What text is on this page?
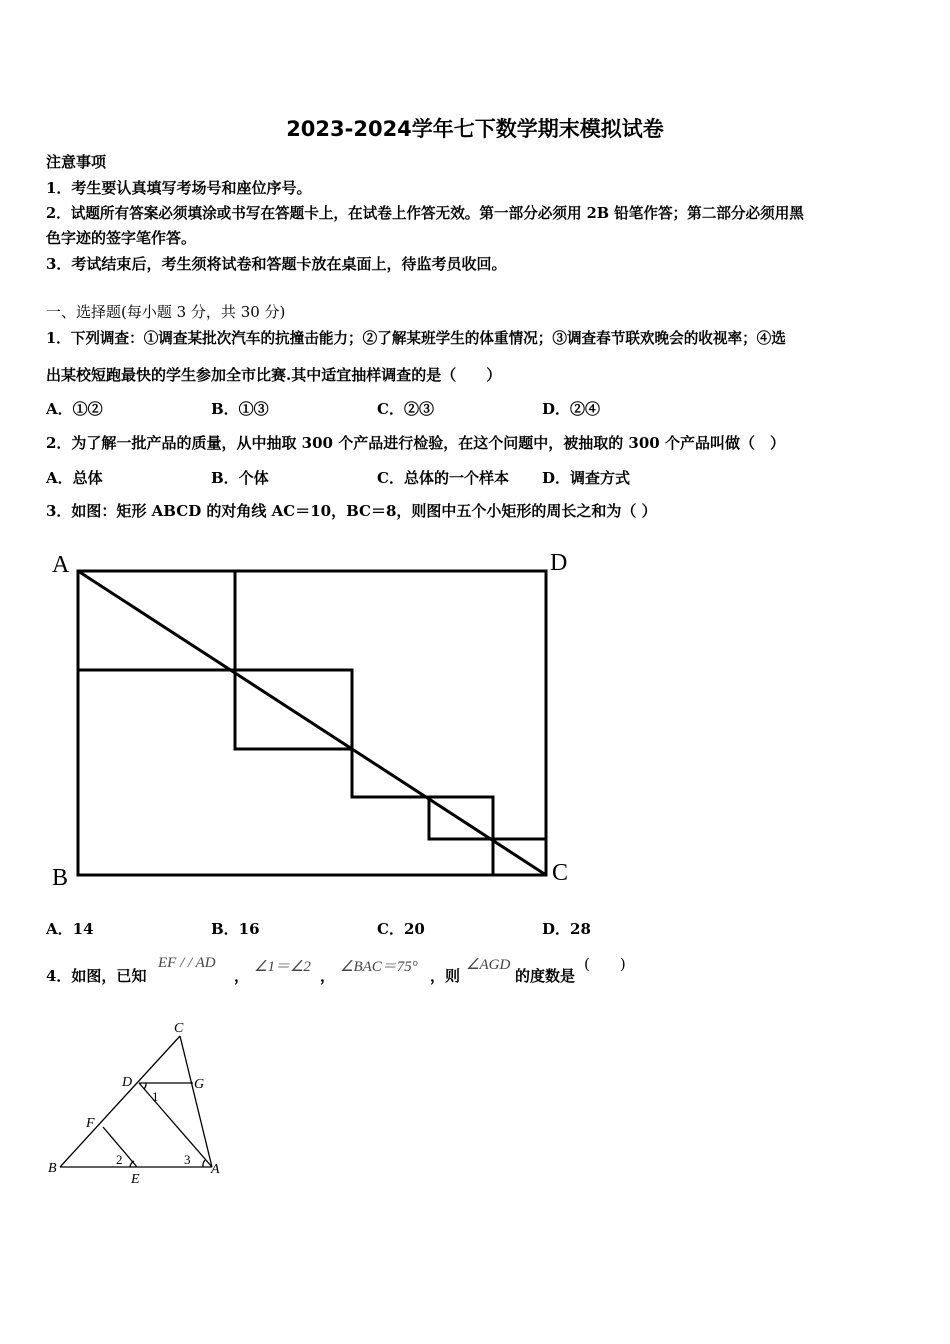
2023-2024学年七下数学期末模拟试卷
注意事项
1．考生要认真填写考场号和座位序号。
2．试题所有答案必须填涂或书写在答题卡上，在试卷上作答无效。第一部分必须用 2B 铅笔作答；第二部分必须用黑
色字迹的签字笔作答。
3．考试结束后，考生须将试卷和答题卡放在桌面上，待监考员收回。
一、选择题(每小题 3 分，共 30 分)
1．下列调查：①调查某批次汽车的抗撞击能力；②了解某班学生的体重情况；③调查春节联欢晚会的收视率；④选
出某校短跑最快的学生参加全市比赛.其中适宜抽样调查的是（　　）
A．①②	B．①③	C．②③	D．②④
2．为了解一批产品的质量，从中抽取 300 个产品进行检验，在这个问题中，被抽取的 300 个产品叫做（　）
A．总体	B．个体	C．总体的一个样本 D．调查方式
3．如图：矩形 ABCD 的对角线 AC＝10，BC＝8，则图中五个小矩形的周长之和为（ ）
A	D
B	C
A．14	B．16	C．20	D．28
4．如图，已知
EF / / AD
， ∠1＝∠2 ， ∠BAC＝75° ，则
∠AGD
的度数是
(　　)
C
D	G
1
F
B
2
E
3
A
